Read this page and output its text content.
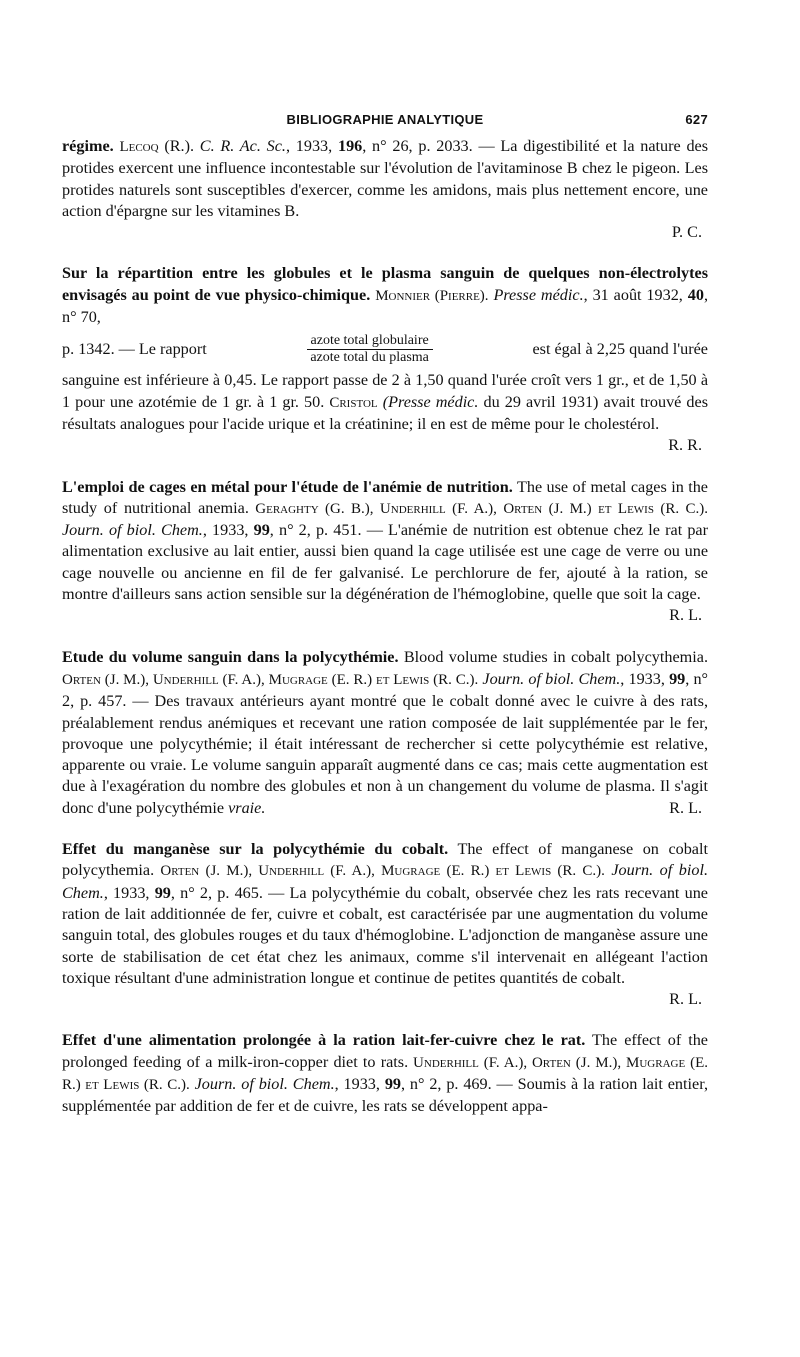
BIBLIOGRAPHIE ANALYTIQUE	627

régime. Lecoq (R.). C. R. Ac. Sc., 1933, 196, n° 26, p. 2033. — La digestibilité et la nature des protides exercent une influence incontestable sur l'évolution de l'avitaminose B chez le pigeon. Les protides naturels sont susceptibles d'exercer, comme les amidons, mais plus nettement encore, une action d'épargne sur les vitamines B.

P. C.

Sur la répartition entre les globules et le plasma sanguin de quelques non-électrolytes envisagés au point de vue physico-chimique. Monnier (Pierre). Presse médic., 31 août 1932, 40, n° 70,

p. 1342. — Le rapport	$\frac{\text{azote total globulaire}}{\text{azote total du plasma}}$	est égal à 2,25 quand l'urée

sanguine est inférieure à 0,45. Le rapport passe de 2 à 1,50 quand l'urée croît vers 1 gr., et de 1,50 à 1 pour une azotémie de 1 gr. à 1 gr. 50. Cristol (Presse médic. du 29 avril 1931) avait trouvé des résultats analogues pour l'acide urique et la créatinine; il en est de même pour le cholestérol.

R. R.

L'emploi de cages en métal pour l'étude de l'anémie de nutrition. The use of metal cages in the study of nutritional anemia. Geraghty (G. B.), Underhill (F. A.), Orten (J. M.) et Lewis (R. C.). Journ. of biol. Chem., 1933, 99, n° 2, p. 451. — L'anémie de nutrition est obtenue chez le rat par alimentation exclusive au lait entier, aussi bien quand la cage utilisée est une cage de verre ou une cage nouvelle ou ancienne en fil de fer galvanisé. Le perchlorure de fer, ajouté à la ration, se montre d'ailleurs sans action sensible sur la dégénération de l'hémoglobine, quelle que soit la cage.

R. L.

Etude du volume sanguin dans la polycythémie. Blood volume studies in cobalt polycythemia. Orten (J. M.), Underhill (F. A.), Mugrage (E. R.) et Lewis (R. C.). Journ. of biol. Chem., 1933, 99, n° 2, p. 457. — Des travaux antérieurs ayant montré que le cobalt donné avec le cuivre à des rats, préalablement rendus anémiques et recevant une ration composée de lait supplémentée par le fer, provoque une polycythémie; il était intéressant de rechercher si cette polycythémie est relative, apparente ou vraie. Le volume sanguin apparaît augmenté dans ce cas; mais cette augmentation est due à l'exagération du nombre des globules et non à un changement du volume de plasma. Il s'agit donc d'une polycythémie vraie.	R. L.

Effet du manganèse sur la polycythémie du cobalt. The effect of manganese on cobalt polycythemia. Orten (J. M.), Underhill (F. A.), Mugrage (E. R.) et Lewis (R. C.). Journ. of biol. Chem., 1933, 99, n° 2, p. 465. — La polycythémie du cobalt, observée chez les rats recevant une ration de lait additionnée de fer, cuivre et cobalt, est caractérisée par une augmentation du volume sanguin total, des globules rouges et du taux d'hémoglobine. L'adjonction de manganèse assure une sorte de stabilisation de cet état chez les animaux, comme s'il intervenait en allégeant l'action toxique résultant d'une administration longue et continue de petites quantités de cobalt.

R. L.

Effet d'une alimentation prolongée à la ration lait-fer-cuivre chez le rat. The effect of the prolonged feeding of a milk-iron-copper diet to rats. Underhill (F. A.), Orten (J. M.), Mugrage (E. R.) et Lewis (R. C.). Journ. of biol. Chem., 1933, 99, n° 2, p. 469. — Soumis à la ration lait entier, supplémentée par addition de fer et de cuivre, les rats se développent appa-
